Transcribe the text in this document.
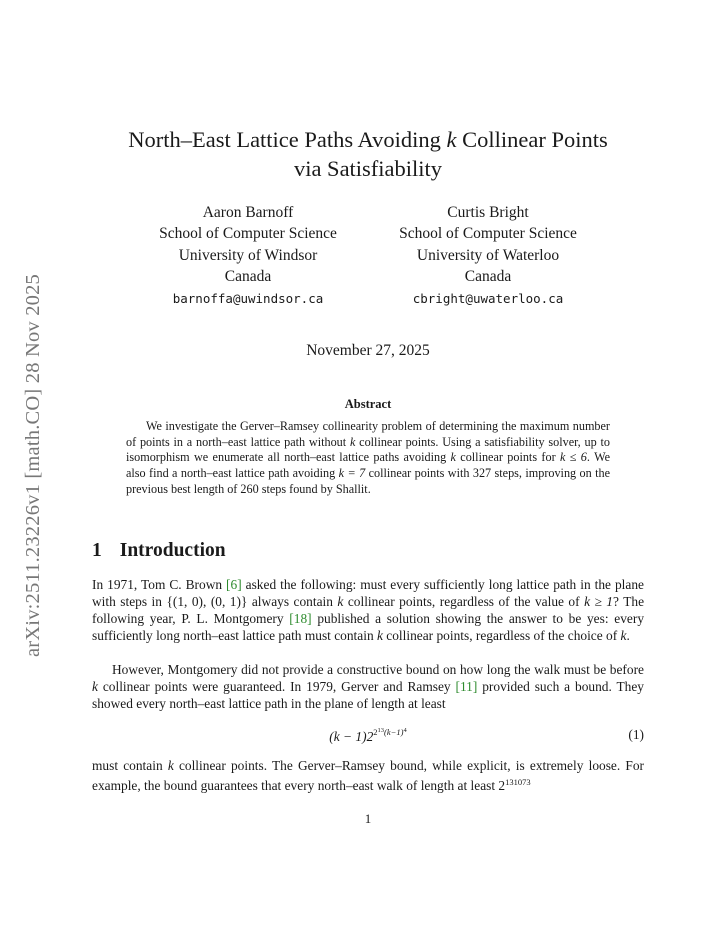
arXiv:2511.23226v1 [math.CO] 28 Nov 2025
North–East Lattice Paths Avoiding k Collinear Points
via Satisfiability
Aaron Barnoff
School of Computer Science
University of Windsor
Canada
barnoffa@uwindsor.ca
Curtis Bright
School of Computer Science
University of Waterloo
Canada
cbright@uwaterloo.ca
November 27, 2025
Abstract
We investigate the Gerver–Ramsey collinearity problem of determining the maximum number of points in a north–east lattice path without k collinear points. Using a satisfiability solver, up to isomorphism we enumerate all north–east lattice paths avoiding k collinear points for k ≤ 6. We also find a north–east lattice path avoiding k = 7 collinear points with 327 steps, improving on the previous best length of 260 steps found by Shallit.
1 Introduction
In 1971, Tom C. Brown [6] asked the following: must every sufficiently long lattice path in the plane with steps in {(1, 0), (0, 1)} always contain k collinear points, regardless of the value of k ≥ 1? The following year, P. L. Montgomery [18] published a solution showing the answer to be yes: every sufficiently long north–east lattice path must contain k collinear points, regardless of the choice of k.
However, Montgomery did not provide a constructive bound on how long the walk must be before k collinear points were guaranteed. In 1979, Gerver and Ramsey [11] provided such a bound. They showed every north–east lattice path in the plane of length at least
$(k - 1)2^{2^{13}(k-1)^4}$	(1)
must contain k collinear points. The Gerver–Ramsey bound, while explicit, is extremely loose. For example, the bound guarantees that every north–east walk of length at least $2^{131073}$
1
